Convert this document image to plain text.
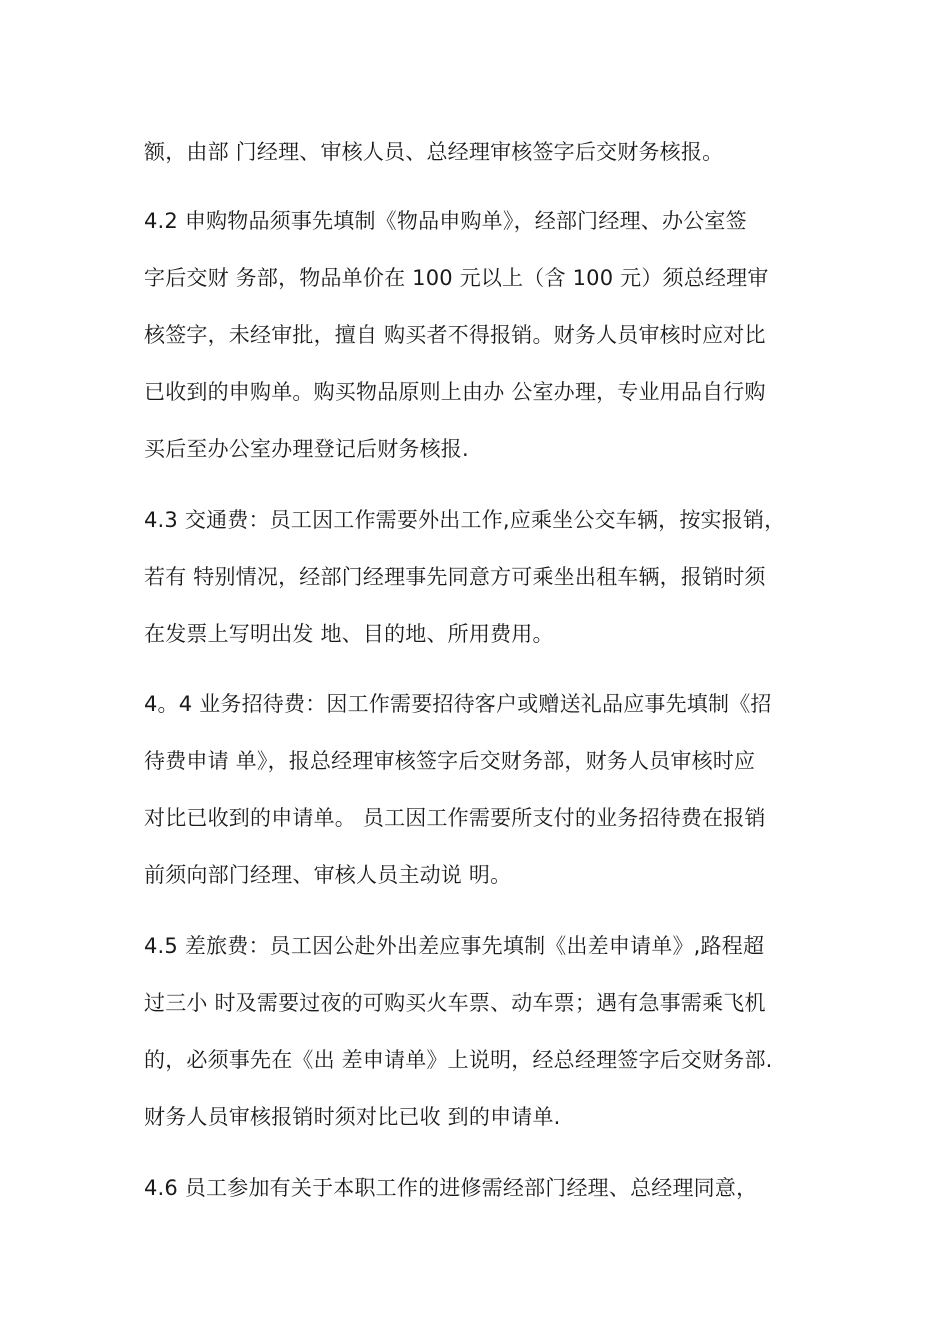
额，由部 门经理、审核人员、总经理审核签字后交财务核报。
4.2 申购物品须事先填制《物品申购单》，经部门经理、办公室签
字后交财 务部，物品单价在 100 元以上（含 100 元）须总经理审
核签字，未经审批，擅自 购买者不得报销。财务人员审核时应对比
已收到的申购单。购买物品原则上由办 公室办理，专业用品自行购
买后至办公室办理登记后财务核报.
4.3 交通费：员工因工作需要外出工作,应乘坐公交车辆，按实报销，
若有 特别情况，经部门经理事先同意方可乘坐出租车辆，报销时须
在发票上写明出发 地、目的地、所用费用。
4。4 业务招待费：因工作需要招待客户或赠送礼品应事先填制《招
待费申请 单》，报总经理审核签字后交财务部，财务人员审核时应
对比已收到的申请单。 员工因工作需要所支付的业务招待费在报销
前须向部门经理、审核人员主动说 明。
4.5 差旅费：员工因公赴外出差应事先填制《出差申请单》,路程超
过三小 时及需要过夜的可购买火车票、动车票；遇有急事需乘飞机
的，必须事先在《出 差申请单》上说明，经总经理签字后交财务部.
财务人员审核报销时须对比已收 到的申请单.
4.6 员工参加有关于本职工作的进修需经部门经理、总经理同意，
